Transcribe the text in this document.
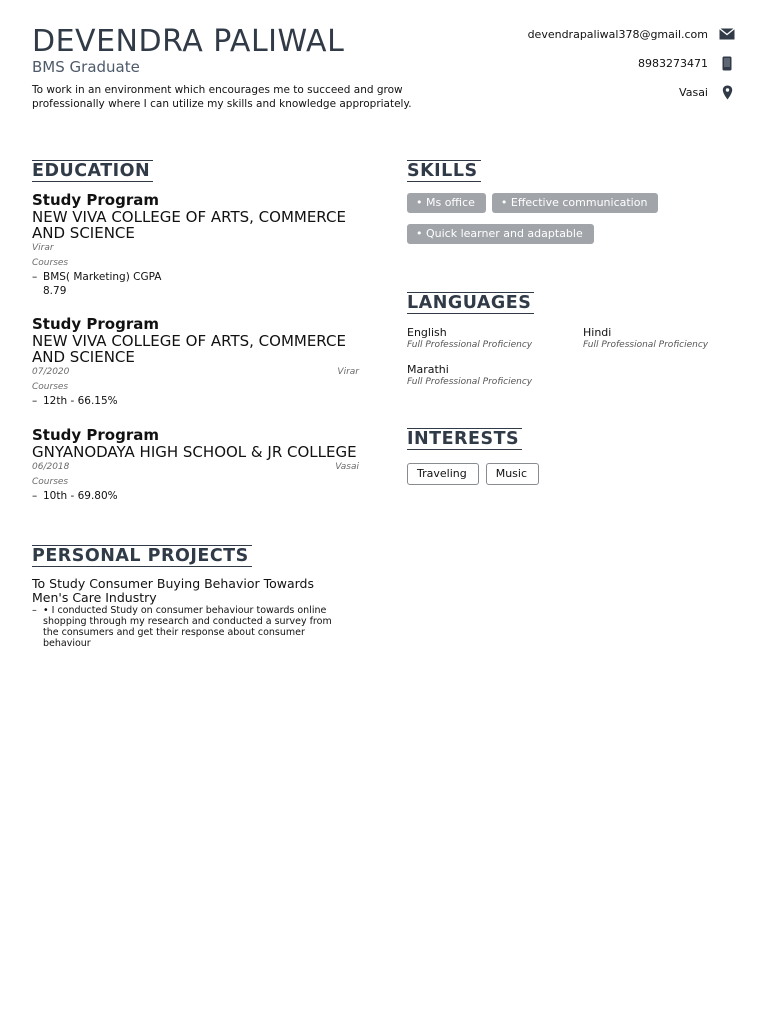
DEVENDRA PALIWAL
BMS Graduate
To work in an environment which encourages me to succeed and grow professionally where I can utilize my skills and knowledge appropriately.
devendrapaliwal378@gmail.com
8983273471
Vasai
EDUCATION
Study Program
NEW VIVA COLLEGE OF ARTS, COMMERCE AND SCIENCE
Virar
Courses
– BMS( Marketing) CGPA 8.79
Study Program
NEW VIVA COLLEGE OF ARTS, COMMERCE AND SCIENCE
07/2020	Virar
Courses
– 12th - 66.15%
Study Program
GNYANODAYA HIGH SCHOOL & JR COLLEGE
06/2018	Vasai
Courses
– 10th - 69.80%
PERSONAL PROJECTS
To Study Consumer Buying Behavior Towards Men's Care Industry
– • I conducted Study on consumer behaviour towards online shopping through my research and conducted a survey from the consumers and get their response about consumer behaviour
SKILLS
• Ms office	• Effective communication
• Quick learner and adaptable
LANGUAGES
English
Full Professional Proficiency
Hindi
Full Professional Proficiency
Marathi
Full Professional Proficiency
INTERESTS
Traveling	Music
